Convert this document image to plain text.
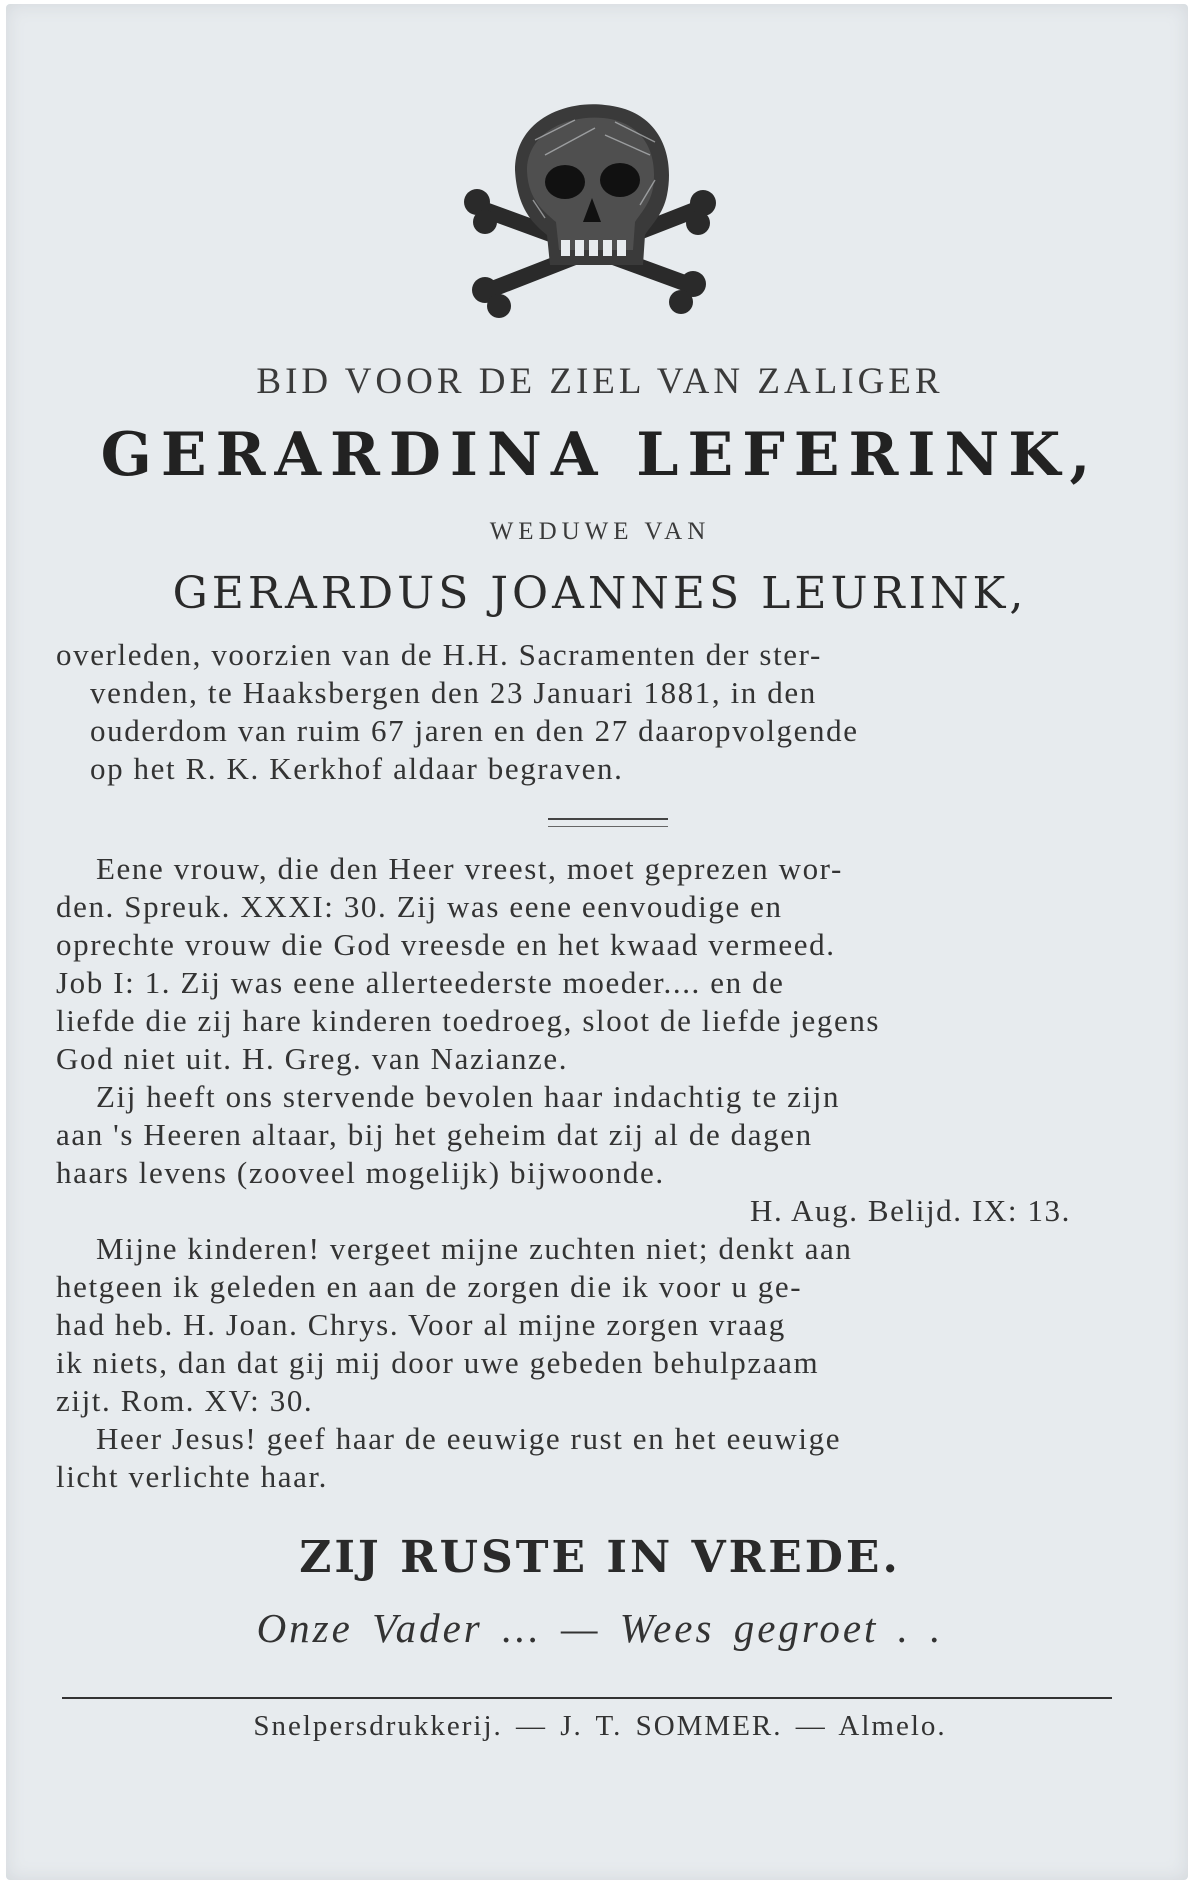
BID VOOR DE ZIEL VAN ZALIGER
GERARDINA LEFERINK,
WEDUWE VAN
GERARDUS JOANNES LEURINK,
overleden, voorzien van de H.H. Sacramenten der ster-
venden, te Haaksbergen den 23 Januari 1881, in den
ouderdom van ruim 67 jaren en den 27 daaropvolgende
op het R. K. Kerkhof aldaar begraven.
Eene vrouw, die den Heer vreest, moet geprezen wor-
den. Spreuk. XXXI: 30. Zij was eene eenvoudige en
oprechte vrouw die God vreesde en het kwaad vermeed.
Job I: 1. Zij was eene allerteederste moeder.... en de
liefde die zij hare kinderen toedroeg, sloot de liefde jegens
God niet uit. H. Greg. van Nazianze.
Zij heeft ons stervende bevolen haar indachtig te zijn
aan 's Heeren altaar, bij het geheim dat zij al de dagen
haars levens (zooveel mogelijk) bijwoonde.
H. Aug. Belijd. IX: 13.
Mijne kinderen! vergeet mijne zuchten niet; denkt aan
hetgeen ik geleden en aan de zorgen die ik voor u ge-
had heb. H. Joan. Chrys. Voor al mijne zorgen vraag
ik niets, dan dat gij mij door uwe gebeden behulpzaam
zijt. Rom. XV: 30.
Heer Jesus! geef haar de eeuwige rust en het eeuwige
licht verlichte haar.
ZIJ RUSTE IN VREDE.
Onze Vader ... — Wees gegroet . .
Snelpersdrukkerij. — J. T. SOMMER. — Almelo.
